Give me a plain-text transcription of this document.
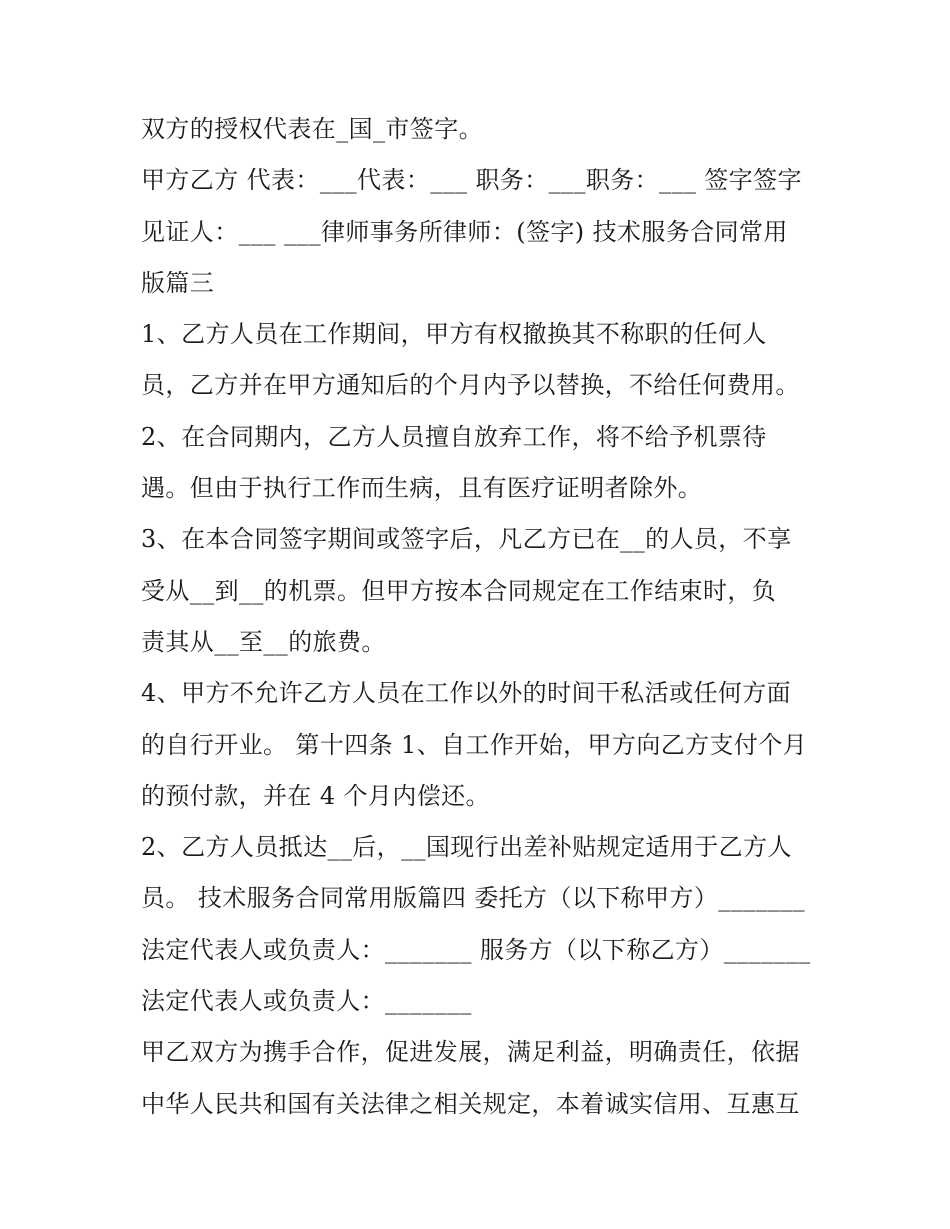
双方的授权代表在_国_市签字。
甲方乙方 代表：___代表：___ 职务：___职务：___ 签字签字
见证人：___ ___律师事务所律师：(签字) 技术服务合同常用
版篇三
1、乙方人员在工作期间，甲方有权撤换其不称职的任何人
员，乙方并在甲方通知后的个月内予以替换，不给任何费用。
2、在合同期内，乙方人员擅自放弃工作，将不给予机票待
遇。但由于执行工作而生病，且有医疗证明者除外。
3、在本合同签字期间或签字后，凡乙方已在__的人员，不享
受从__到__的机票。但甲方按本合同规定在工作结束时，负
责其从__至__的旅费。
4、甲方不允许乙方人员在工作以外的时间干私活或任何方面
的自行开业。 第十四条 1、自工作开始，甲方向乙方支付个月
的预付款，并在 4 个月内偿还。
2、乙方人员抵达__后，__国现行出差补贴规定适用于乙方人
员。 技术服务合同常用版篇四 委托方（以下称甲方）_______
法定代表人或负责人：_______ 服务方（以下称乙方）_______
法定代表人或负责人：_______
甲乙双方为携手合作，促进发展，满足利益，明确责任，依据
中华人民共和国有关法律之相关规定，本着诚实信用、互惠互
